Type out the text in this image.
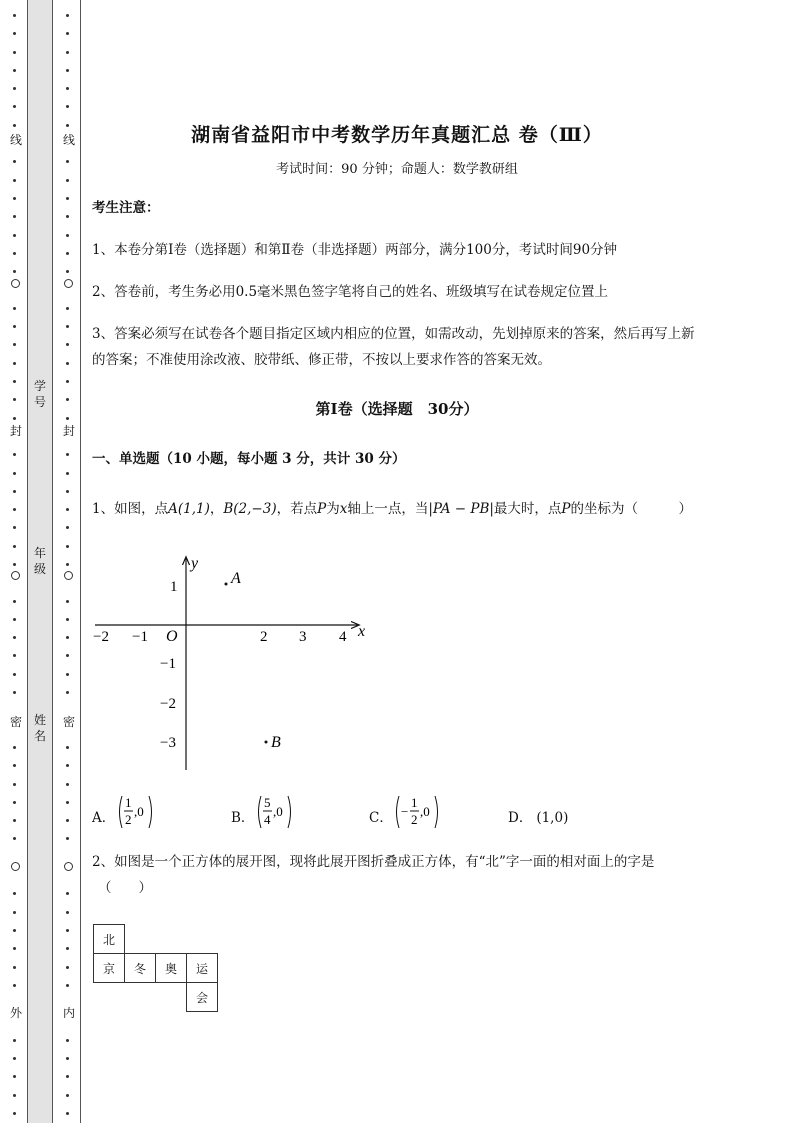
线
封
密
外
线
封
密
内
学号
年级
姓名
湖南省益阳市中考数学历年真题汇总 卷（Ⅲ）
考试时间：90 分钟；命题人：数学教研组
考生注意：
1、本卷分第Ⅰ卷（选择题）和第Ⅱ卷（非选择题）两部分，满分100分，考试时间90分钟
2、答卷前，考生务必用0.5毫米黑色签字笔将自己的姓名、班级填写在试卷规定位置上
3、答案必须写在试卷各个题目指定区域内相应的位置，如需改动，先划掉原来的答案，然后再写上新
的答案；不准使用涂改液、胶带纸、修正带，不按以上要求作答的答案无效。
第Ⅰ卷（选择题　30分）
一、单选题（10 小题，每小题 3 分，共计 30 分）
1、如图，点A(1,1)，B(2,−3)，若点P为x轴上一点，当|PA − PB|最大时，点P的坐标为（　　　）
x
y
O
−2 −1	2 3 4
1
−1
−2
−3
A
B
A．
1
2
,0	B．
5
4
,0	C． −
1
2
,0	D． (1,0)
2、如图是一个正方体的展开图，现将此展开图折叠成正方体，有“北”字一面的相对面上的字是
（　　）
北			
京	冬	奥	运
			会
